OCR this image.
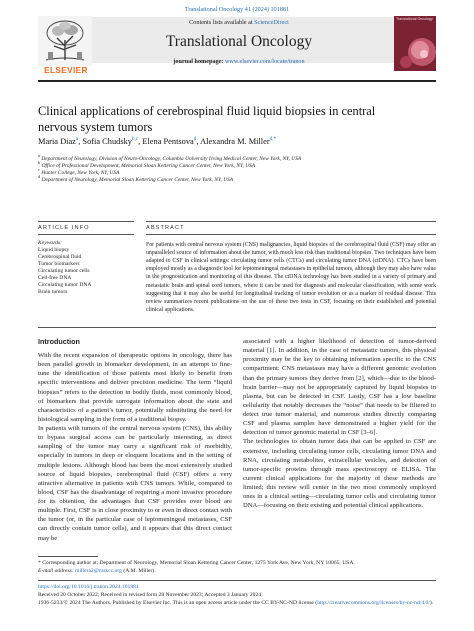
Translational Oncology 41 (2024) 101881
ELSEVIER
Contents lists available at ScienceDirect
Translational Oncology
journal homepage: www.elsevier.com/locate/tranon
Translational Oncology
Clinical applications of cerebrospinal fluid liquid biopsies in central nervous system tumors
Maria Diaz$^a$, Sofia Chudsky$^{b,c}$, Elena Pentsova$^d$, Alexandra M. Miller$^{d,*}$
$^a$ Department of Neurology, Division of Neuro-Oncology, Columbia University Irving Medical Center, New York, NY, USA
$^b$ Office of Professional Development, Memorial Sloan Kettering Cancer Center, New York, NY, USA
$^c$ Hunter College, New York, NY, USA
$^d$ Department of Neurology, Memorial Sloan Kettering Cancer Center, New York, NY, USA
ARTICLE INFO	ABSTRACT
Keywords:
Liquid biopsy
Cerebrospinal fluid
Tumor biomarkers
Circulating tumor cells
Cell-free DNA
Circulating tumor DNA
Brain tumors
For patients with central nervous system (CNS) malignancies, liquid biopsies of the cerebrospinal fluid (CSF) may offer an unparalleled source of information about the tumor, with much less risk than traditional biopsies. Two techniques have been adapted to CSF in clinical settings: circulating tumor cells (CTCs) and circulating tumor DNA (ctDNA). CTCs have been employed mostly as a diagnostic tool for leptomeningeal metastases in epithelial tumors, although they may also have value in the prognostication and monitoring of this disease. The ctDNA technology has been studied in a variety of primary and metastatic brain and spinal cord tumors, where it can be used for diagnosis and molecular classification, with some work suggesting that it may also be useful for longitudinal tracking of tumor evolution or as a marker of residual disease. This review summarizes recent publications on the use of these two tests in CSF, focusing on their established and potential clinical applications.
Introduction

With the recent expansion of therapeutic options in oncology, there has been parallel growth in biomarker development, in an attempt to fine-tune the identification of those patients most likely to benefit from specific interventions and deliver precision medicine. The term “liquid biopsies” refers to the detection in bodily fluids, most commonly blood, of biomarkers that provide surrogate information about the state and characteristics of a patient’s tumor, potentially substituting the need for histological sampling in the form of a traditional biopsy.

In patients with tumors of the central nervous system (CNS), this ability to bypass surgical access can be particularly interesting, as direct sampling of the tumor may carry a significant risk of morbidity, especially in tumors in deep or eloquent locations and in the setting of multiple lesions. Although blood has been the most extensively studied source of liquid biopsies, cerebrospinal fluid (CSF) offers a very attractive alternative in patients with CNS tumors. While, compared to blood, CSF has the disadvantage of requiring a more invasive procedure for its obtention, the advantages that CSF provides over blood are multiple. First, CSF is in close proximity to or even in direct contact with the tumor (or, in the particular case of leptomeningeal metastases, CSF can directly contain tumor cells), and it appears that this direct contact may be

associated with a higher likelihood of detection of tumor-derived material [1]. In addition, in the case of metastatic tumors, this physical proximity may be the key to obtaining information specific to the CNS compartment: CNS metastases may have a different genomic evolution than the primary tumors they derive from [2], which—due to the blood-brain barrier—may not be appropriately captured by liquid biopsies in plasma, but can be detected in CSF. Lastly, CSF has a low baseline cellularity that notably decreases the “noise” that needs to be filtered to detect true tumor material, and numerous studies directly comparing CSF and plasma samples have demonstrated a higher yield for the detection of tumor genomic material in CSF [3–6].

The technologies to obtain tumor data that can be applied to CSF are extensive, including circulating tumor cells, circulating tumor DNA and RNA, circulating metabolites, extracellular vesicles, and detection of tumor-specific proteins through mass spectroscopy or ELISA. The current clinical applications for the majority of these methods are limited; this review will center in the two most commonly employed ones in a clinical setting—circulating tumor cells and circulating tumor DNA—focusing on their existing and potential clinical applications.

* Corresponding author at: Department of Neurology, Memorial Sloan Kettering Cancer Center, 1275 York Ave, New York, NY 10065, USA.
E-mail address: millera2@mskcc.org (A.M. Miller).
https://doi.org/10.1016/j.tranon.2024.101881
Received 20 October 2022; Received in revised form 28 November 2023; Accepted 3 January 2024
1936-5233/© 2024 The Authors. Published by Elsevier Inc. This is an open access article under the CC BY-NC-ND license (http://creativecommons.org/licenses/by-nc-nd/4.0/).
